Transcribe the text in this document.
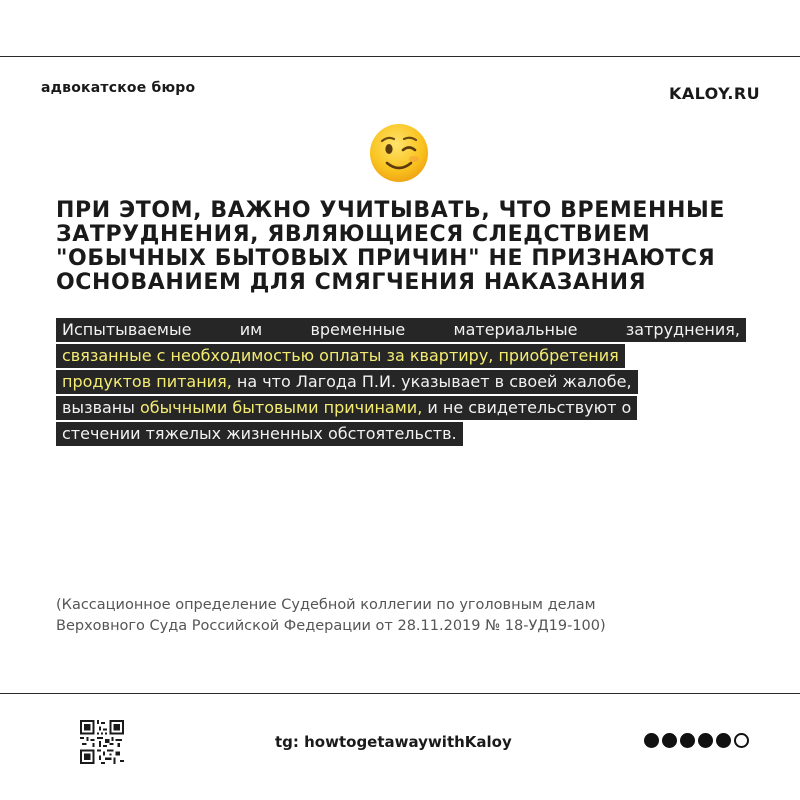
адвокатское бюро	KALOY.RU
ПРИ ЭТОМ, ВАЖНО УЧИТЫВАТЬ, ЧТО ВРЕМЕННЫЕ
ЗАТРУДНЕНИЯ, ЯВЛЯЮЩИЕСЯ СЛЕДСТВИЕМ
"ОБЫЧНЫХ БЫТОВЫХ ПРИЧИН" НЕ ПРИЗНАЮТСЯ
ОСНОВАНИЕМ ДЛЯ СМЯГЧЕНИЯ НАКАЗАНИЯ
Испытываемые	им	временные	материальные	затруднения,
связанные с необходимостью оплаты за квартиру, приобретения
продуктов питания, на что Лагода П.И. указывает в своей жалобе,
вызваны обычными бытовыми причинами, и не свидетельствуют о
стечении тяжелых жизненных обстоятельств.
(Кассационное определение Судебной коллегии по уголовным делам
Верховного Суда Российской Федерации от 28.11.2019 № 18-УД19-100)
tg: howtogetawaywithKaloy
